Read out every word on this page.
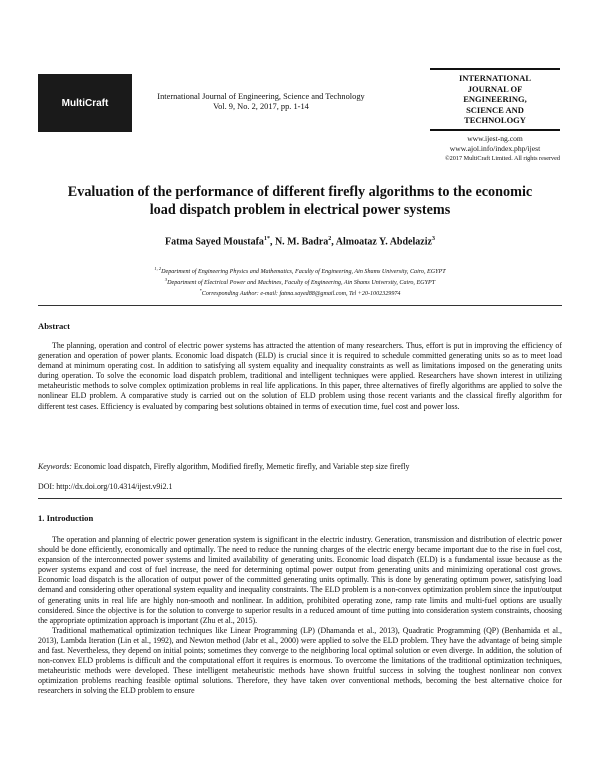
MultiCraft
International Journal of Engineering, Science and Technology
Vol. 9, No. 2, 2017, pp. 1-14
INTERNATIONAL
JOURNAL OF
ENGINEERING,
SCIENCE AND
TECHNOLOGY
www.ijest-ng.com
www.ajol.info/index.php/ijest
©2017 MultiCraft Limited. All rights reserved
Evaluation of the performance of different firefly algorithms to the economic
load dispatch problem in electrical power systems
Fatma Sayed Moustafa$^{1*}$, N. M. Badra$^2$, Almoataz Y. Abdelaziz$^3$
$^{1, 2}$Department of Engineering Physics and Mathematics, Faculty of Engineering, Ain Shams University, Cairo, EGYPT
$^3$Department of Electrical Power and Machines, Faculty of Engineering, Ain Shams University, Cairo, EGYPT
*Corresponding Author: e-mail: fatma.sayed88@gmail.com, Tel +20-1002329974
Abstract

The planning, operation and control of electric power systems has attracted the attention of many researchers. Thus, effort is put in improving the efficiency of generation and operation of power plants. Economic load dispatch (ELD) is crucial since it is required to schedule committed generating units so as to meet load demand at minimum operating cost. In addition to satisfying all system equality and inequality constraints as well as limitations imposed on the generating units during operation. To solve the economic load dispatch problem, traditional and intelligent techniques were applied. Researchers have shown interest in utilizing metaheuristic methods to solve complex optimization problems in real life applications. In this paper, three alternatives of firefly algorithms are applied to solve the nonlinear ELD problem. A comparative study is carried out on the solution of ELD problem using those recent variants and the classical firefly algorithm for different test cases. Efficiency is evaluated by comparing best solutions obtained in terms of execution time, fuel cost and power loss.

Keywords: Economic load dispatch, Firefly algorithm, Modified firefly, Memetic firefly, and Variable step size firefly
DOI: http://dx.doi.org/10.4314/ijest.v9i2.1
1. Introduction

The operation and planning of electric power generation system is significant in the electric industry. Generation, transmission and distribution of electric power should be done efficiently, economically and optimally. The need to reduce the running charges of the electric energy became important due to the rise in fuel cost, expansion of the interconnected power systems and limited availability of generating units. Economic load dispatch (ELD) is a fundamental issue because as the power systems expand and cost of fuel increase, the need for determining optimal power output from generating units and minimizing operational cost grows. Economic load dispatch is the allocation of output power of the committed generating units optimally. This is done by generating optimum power, satisfying load demand and considering other operational system equality and inequality constraints. The ELD problem is a non-convex optimization problem since the input/output of generating units in real life are highly non-smooth and nonlinear. In addition, prohibited operating zone, ramp rate limits and multi-fuel options are usually considered. Since the objective is for the solution to converge to superior results in a reduced amount of time putting into consideration system constraints, choosing the appropriate optimization approach is important (Zhu et al., 2015).

Traditional mathematical optimization techniques like Linear Programming (LP) (Dhamanda et al., 2013), Quadratic Programming (QP) (Benhamida et al., 2013), Lambda Iteration (Lin et al., 1992), and Newton method (Jabr et al., 2000) were applied to solve the ELD problem. They have the advantage of being simple and fast. Nevertheless, they depend on initial points; sometimes they converge to the neighboring local optimal solution or even diverge. In addition, the solution of non-convex ELD problems is difficult and the computational effort it requires is enormous. To overcome the limitations of the traditional optimization techniques, metaheuristic methods were developed. These intelligent metaheuristic methods have shown fruitful success in solving the toughest nonlinear non convex optimization problems reaching feasible optimal solutions. Therefore, they have taken over conventional methods, becoming the best alternative choice for researchers in solving the ELD problem to ensure
